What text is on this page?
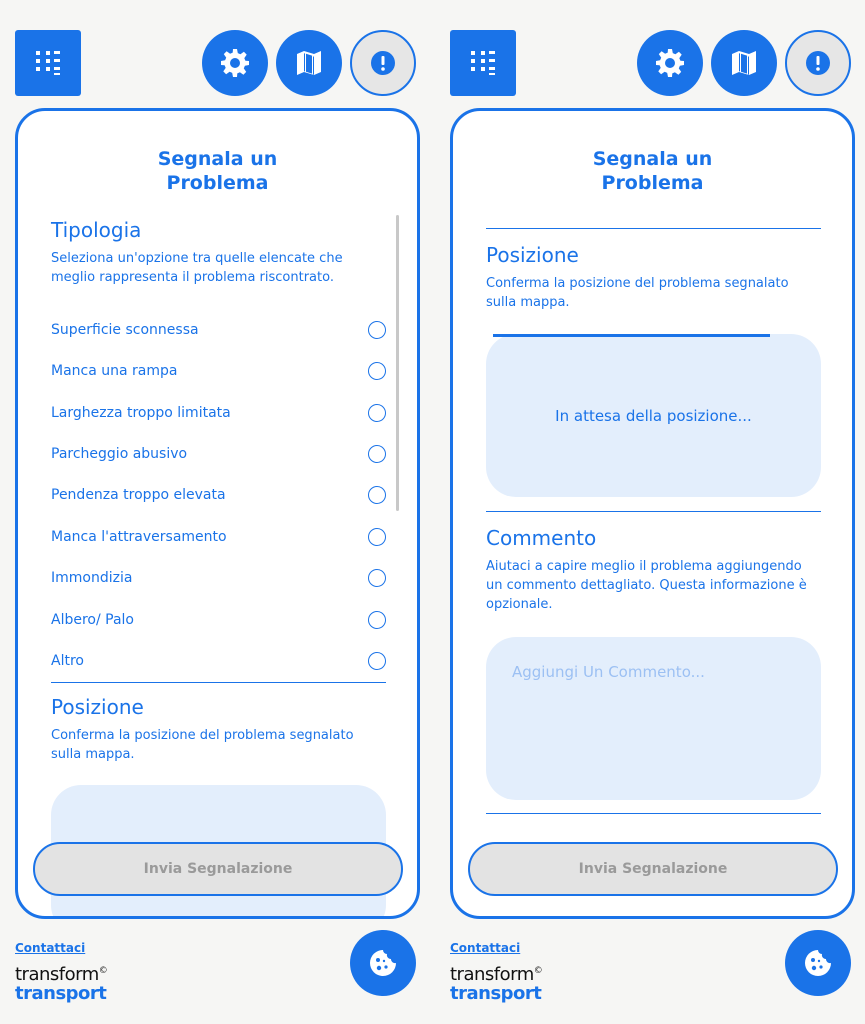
Segnala un
Problema
Tipologia
Seleziona un'opzione tra quelle elencate che meglio rappresenta il problema riscontrato.
Superficie sconnessa
Manca una rampa
Larghezza troppo limitata
Parcheggio abusivo
Pendenza troppo elevata
Manca l'attraversamento
Immondizia
Albero/ Palo
Altro
Posizione
Conferma la posizione del problema segnalato sulla mappa.
Invia Segnalazione
Contattaci
transform©
transport
Segnala un
Problema
Posizione
Conferma la posizione del problema segnalato sulla mappa.
In attesa della posizione...
Commento
Aiutaci a capire meglio il problema aggiungendo un commento dettagliato. Questa informazione è opzionale.
Aggiungi Un Commento...
Invia Segnalazione
Contattaci
transform©
transport
